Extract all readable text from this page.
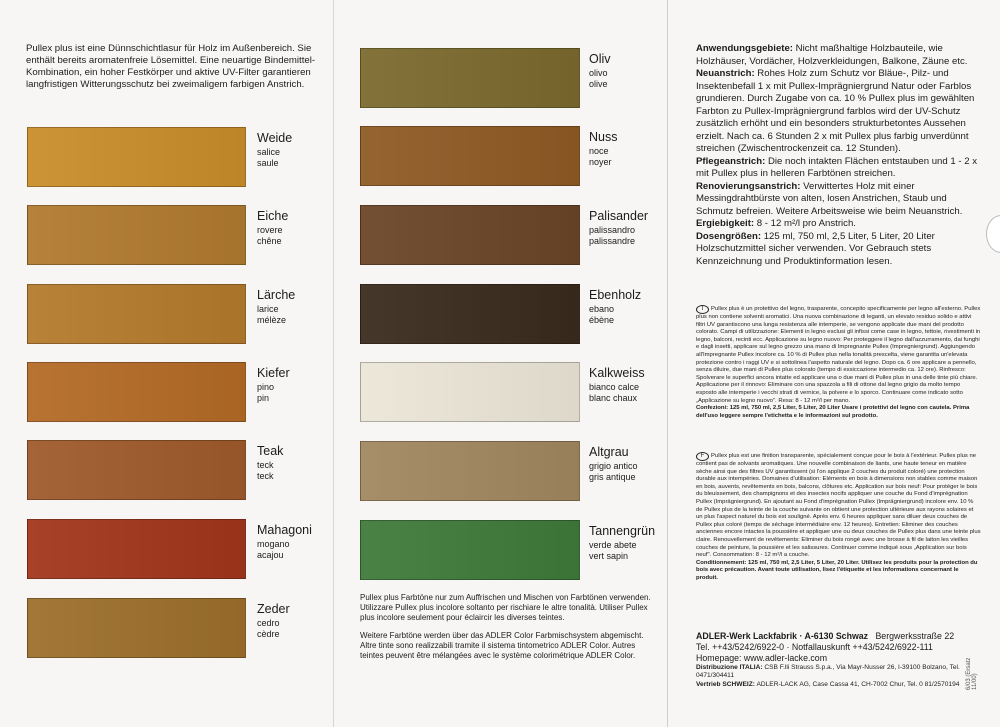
Pullex plus ist eine Dünnschichtlasur für Holz im Außenbereich. Sie enthält bereits aromatenfreie Lösemittel. Eine neuartige Bindemittel-Kombination, ein hoher Festkörper und aktive UV-Filter garantieren langfristigen Witterungsschutz bei zweimaligem farbigen Anstrich.
Weide
salice
saule
Eiche
rovere
chêne
Lärche
larice
mélèze
Kiefer
pino
pin
Teak
teck
teck
Mahagoni
mogano
acajou
Zeder
cedro
cèdre
Oliv
olivo
olive
Nuss
noce
noyer
Palisander
palissandro
palissandre
Ebenholz
ebano
ébène
Kalkweiss
bianco calce
blanc chaux
Altgrau
grigio antico
gris antique
Tannengrün
verde abete
vert sapin
Pullex plus Farbtöne nur zum Auffrischen und Mischen von Farbtönen verwenden. Utilizzare Pullex plus incolore soltanto per rischiare le altre tonalità. Utiliser Pullex plus incolore seulement pour éclaircir les diverses teintes.
Weitere Farbtöne werden über das ADLER Color Farbmischsystem abgemischt. Altre tinte sono realizzabili tramite il sistema tintometrico ADLER Color. Autres teintes peuvent être mélangées avec le système colorimétrique ADLER Color.
Anwendungsgebiete: Nicht maßhaltige Holzbauteile, wie Holzhäuser, Vordächer, Holzverkleidungen, Balkone, Zäune etc.
Neuanstrich: Rohes Holz zum Schutz vor Bläue-, Pilz- und Insektenbefall 1 x mit Pullex-Imprägniergrund Natur oder Farblos grundieren. Durch Zugabe von ca. 10 % Pullex plus im gewählten Farbton zu Pullex-Imprägniergrund farblos wird der UV-Schutz zusätzlich erhöht und ein besonders strukturbetontes Aussehen erzielt. Nach ca. 6 Stunden 2 x mit Pullex plus farbig unverdünnt streichen (Zwischentrockenzeit ca. 12 Stunden).
Pflegeanstrich: Die noch intakten Flächen entstauben und 1 - 2 x mit Pullex plus in helleren Farbtönen streichen.
Renovierungsanstrich: Verwittertes Holz mit einer Messingdrahtbürste von alten, losen Anstrichen, Staub und Schmutz befreien. Weitere Arbeitsweise wie beim Neuanstrich.
Ergiebigkeit: 8 - 12 m²/l pro Anstrich.
Dosengrößen: 125 ml, 750 ml, 2,5 Liter, 5 Liter, 20 Liter
Holzschutzmittel sicher verwenden. Vor Gebrauch stets Kennzeichnung und Produktinformation lesen.
I Pullex plus è un protettivo del legno, trasparente, concepito specificamente per legno all'esterno. Pullex plus non contiene solventi aromatici. Una nuova combinazione di leganti, un elevato residuo solido e attivi filtri UV garantiscono una lunga resistenza alle intemperie, se vengono applicate due mani del prodotto colorato. Campi di utilizzazione: Elementi in legno esclusi gli infissi come case in legno, tettoie, rivestimenti in legno, balconi, recinti ecc. Applicazione su legno nuovo: Per proteggere il legno dall'azzurramento, dai funghi e dagli insetti, applicare sul legno grezzo una mano di Impregnante Pullex (Impregniergrund). Aggiungendo all'Impregnante Pullex incolore ca. 10 % di Pullex plus nella tonalità prescelta, viene garantita un'elevata protezione contro i raggi UV e si sottolinea l'aspetto naturale del legno. Dopo ca. 6 ore applicare a pennello, senza diluire, due mani di Pullex plus colorato (tempo di essiccazione intermedio ca. 12 ore). Rinfresco: Spolverare le superfici ancora intatte ed applicare una o due mani di Pullex plus in una delle tinte più chiare. Applicazione per il rinnovo: Eliminare con una spazzola a fili di ottone dal legno grigio da molto tempo esposto alle intemperie i vecchi strati di vernice, la polvere e lo sporco. Continuare come indicato sotto „Applicazione su legno nuovo". Resa: 8 - 12 m²/l per mano.
Confezioni: 125 ml, 750 ml, 2,5 Liter, 5 Liter, 20 Liter Usare i protettivi del legno con cautela. Prima dell'uso leggere sempre l'etichetta e le informazioni sul prodotto.
F Pullex plus est une finition transparente, spécialement conçue pour le bois à l'extérieur. Pullex plus ne contient pas de solvants aromatiques. Une nouvelle combinaison de liants, une haute teneur en matière sèche ainsi que des filtres UV garantissent (si l'on applique 2 couches du produit coloré) une protection durable aux intempéries. Domaines d'utilisation: Eléments en bois à dimensions non stables comme maison en bois, auvents, revêtements en bois, balcons, clôtures etc. Application sur bois neuf: Pour protéger le bois du bleuissement, des champignons et des insectes nocifs appliquer une couche du Fond d'imprégnation Pullex (Imprägniergrund). En ajoutant au Fond d'imprégnation Pullex (Imprägniergrund) incolore env. 10 % de Pullex plus de la teinte de la couche suivante on obtient une protection ultérieure aux rayons solaires et un plus l'aspect naturel du bois est souligné. Après env. 6 heures appliquer sans diluer deux couches de Pullex plus coloré (temps de séchage intermédiaire env. 12 heures). Entretien: Eliminer des couches anciennes encore intactes la poussière et appliquer une ou deux couches de Pullex plus dans une teinte plus claire. Renouvellement de revêtements: Eliminer du bois rongé avec une brosse à fil de laiton les vieilles couches de peinture, la poussière et les salissures. Continuer comme indiqué sous „Application sur bois neuf". Consommation: 8 - 12 m²/l a couche.
Conditionnement: 125 ml, 750 ml, 2,5 Liter, 5 Liter, 20 Liter. Utilisez les produits pour la protection du bois avec précaution. Avant toute utilisation, lisez l'étiquette et les informations concernant le produit.
ADLER-Werk Lackfabrik · A-6130 Schwaz Bergwerksstraße 22
Tel. ++43/5242/6922-0 · Notfallauskunft ++43/5242/6922-111
Homepage: www.adler-lacke.com
Distribuzione ITALIA: CSB F.lli Strauss S.p.a., Via Mayr-Nusser 26, I-39100 Bolzano, Tel. 0471/304411
Vertrieb SCHWEIZ: ADLER-LACK AG, Case Cassa 41, CH-7002 Chur, Tel. 0 81/2570194	6/03 (Ersatz 11/00)
